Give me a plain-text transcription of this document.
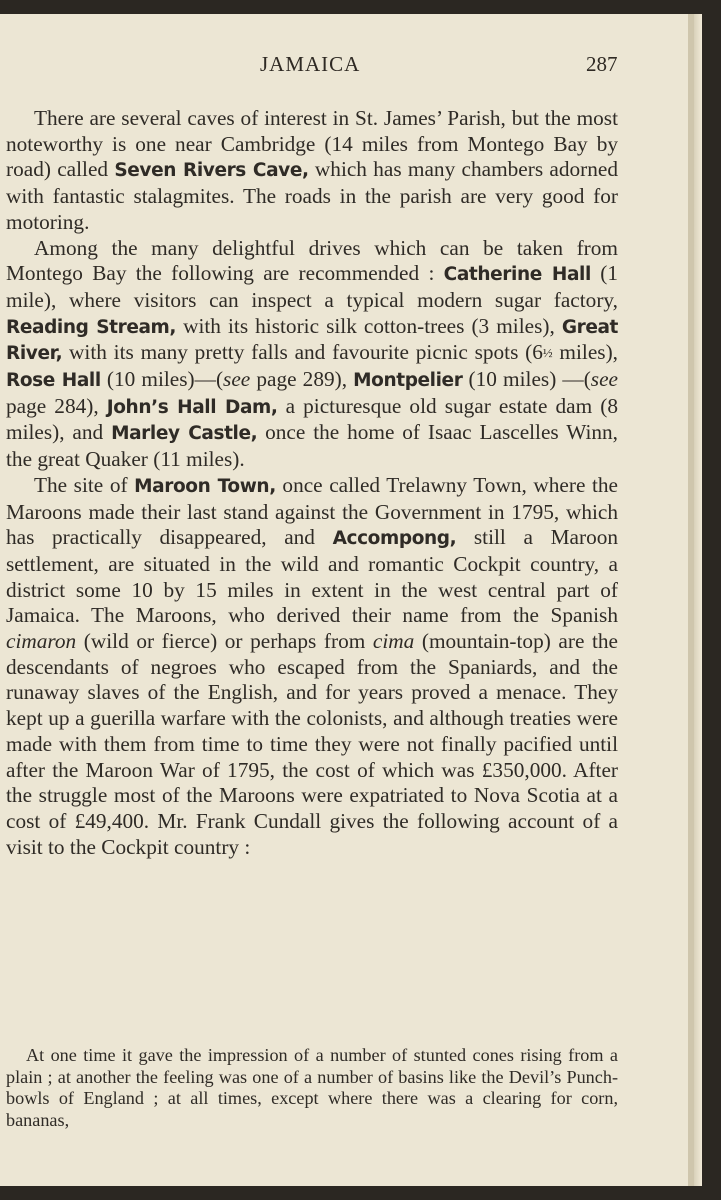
JAMAICA	287

There are several caves of interest in St. James’ Parish, but the most noteworthy is one near Cambridge (14 miles from Montego Bay by road) called Seven Rivers Cave, which has many chambers adorned with fantastic stalagmites. The roads in the parish are very good for motoring.

Among the many delightful drives which can be taken from Montego Bay the following are recommended : Catherine Hall (1 mile), where visitors can inspect a typical modern sugar factory, Reading Stream, with its historic silk cotton-trees (3 miles), Great River, with its many pretty falls and favourite picnic spots (6½ miles), Rose Hall (10 miles)—(see page 289), Montpelier (10 miles) —(see page 284), John’s Hall Dam, a picturesque old sugar estate dam (8 miles), and Marley Castle, once the home of Isaac Lascelles Winn, the great Quaker (11 miles).

The site of Maroon Town, once called Trelawny Town, where the Maroons made their last stand against the Government in 1795, which has practically disappeared, and Accompong, still a Maroon settlement, are situated in the wild and romantic Cockpit country, a district some 10 by 15 miles in extent in the west central part of Jamaica. The Maroons, who derived their name from the Spanish cimaron (wild or fierce) or perhaps from cima (mountain-top) are the descendants of negroes who escaped from the Spaniards, and the runaway slaves of the English, and for years proved a menace. They kept up a guerilla warfare with the colonists, and although treaties were made with them from time to time they were not finally pacified until after the Maroon War of 1795, the cost of which was £350,000. After the struggle most of the Maroons were expatriated to Nova Scotia at a cost of £49,400. Mr. Frank Cundall gives the following account of a visit to the Cockpit country :

At one time it gave the impression of a number of stunted cones rising from a plain ; at another the feeling was one of a number of basins like the Devil’s Punch-bowls of England ; at all times, except where there was a clearing for corn, bananas,
